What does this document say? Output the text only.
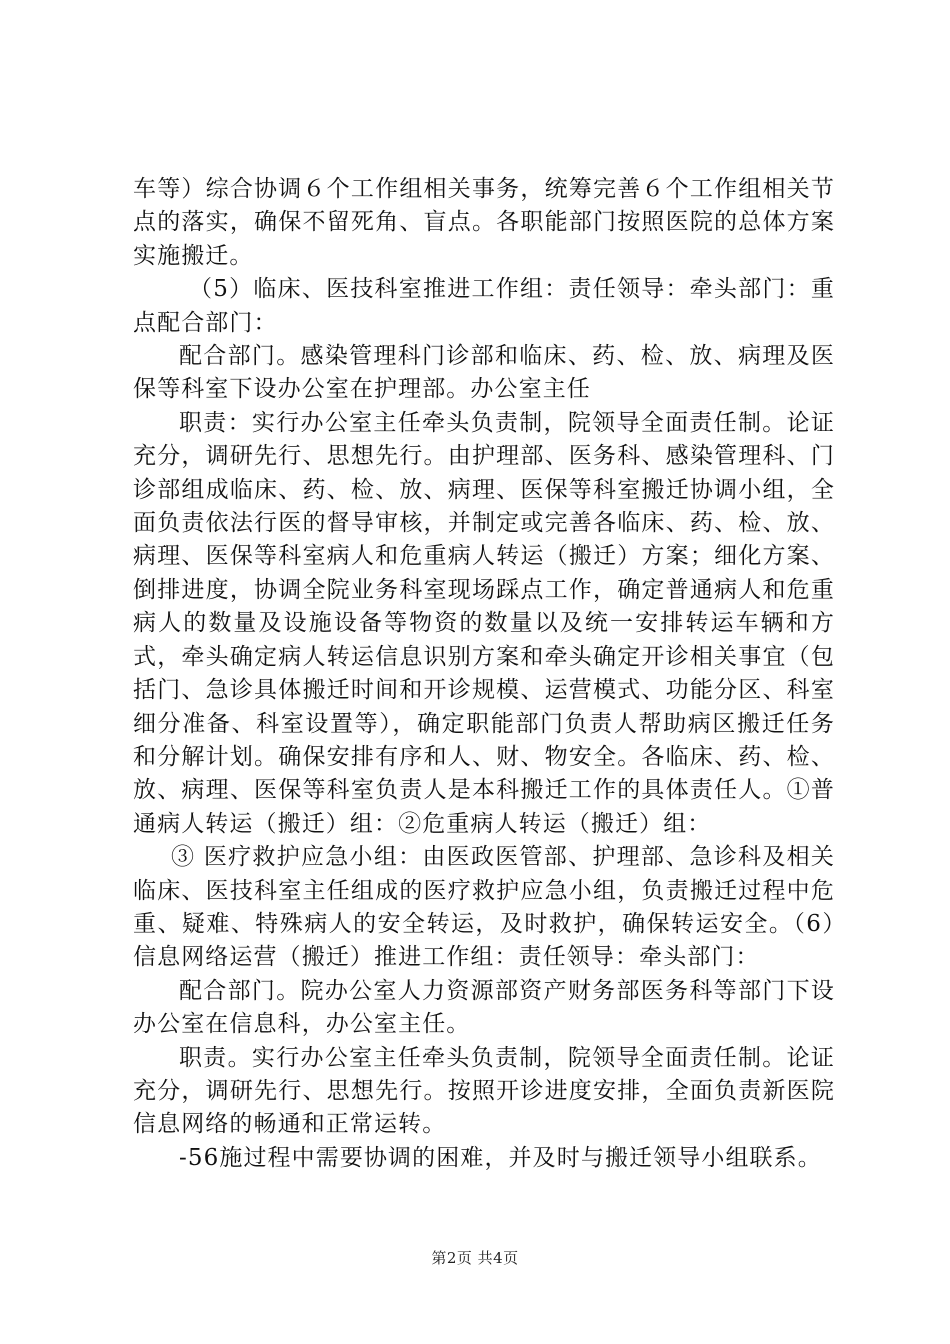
车等）综合协调６个工作组相关事务，统筹完善６个工作组相关节点的落实，确保不留死角、盲点。各职能部门按照医院的总体方案实施搬迁。

（5）临床、医技科室推进工作组：责任领导：牵头部门：重点配合部门：

配合部门。感染管理科门诊部和临床、药、检、放、病理及医保等科室下设办公室在护理部。办公室主任

职责：实行办公室主任牵头负责制，院领导全面责任制。论证充分，调研先行、思想先行。由护理部、医务科、感染管理科、门诊部组成临床、药、检、放、病理、医保等科室搬迁协调小组，全面负责依法行医的督导审核，并制定或完善各临床、药、检、放、病理、医保等科室病人和危重病人转运（搬迁）方案；细化方案、倒排进度，协调全院业务科室现场踩点工作，确定普通病人和危重病人的数量及设施设备等物资的数量以及统一安排转运车辆和方式，牵头确定病人转运信息识别方案和牵头确定开诊相关事宜（包括门、急诊具体搬迁时间和开诊规模、运营模式、功能分区、科室细分准备、科室设置等），确定职能部门负责人帮助病区搬迁任务和分解计划。确保安排有序和人、财、物安全。各临床、药、检、放、病理、医保等科室负责人是本科搬迁工作的具体责任人。①普通病人转运（搬迁）组：②危重病人转运（搬迁）组：

③ 医疗救护应急小组：由医政医管部、护理部、急诊科及相关临床、医技科室主任组成的医疗救护应急小组，负责搬迁过程中危重、疑难、特殊病人的安全转运，及时救护，确保转运安全。（6）信息网络运营（搬迁）推进工作组：责任领导：牵头部门：

配合部门。院办公室人力资源部资产财务部医务科等部门下设办公室在信息科，办公室主任。

职责。实行办公室主任牵头负责制，院领导全面责任制。论证充分，调研先行、思想先行。按照开诊进度安排，全面负责新医院信息网络的畅通和正常运转。

-56施过程中需要协调的困难，并及时与搬迁领导小组联系。

第2页 共4页
